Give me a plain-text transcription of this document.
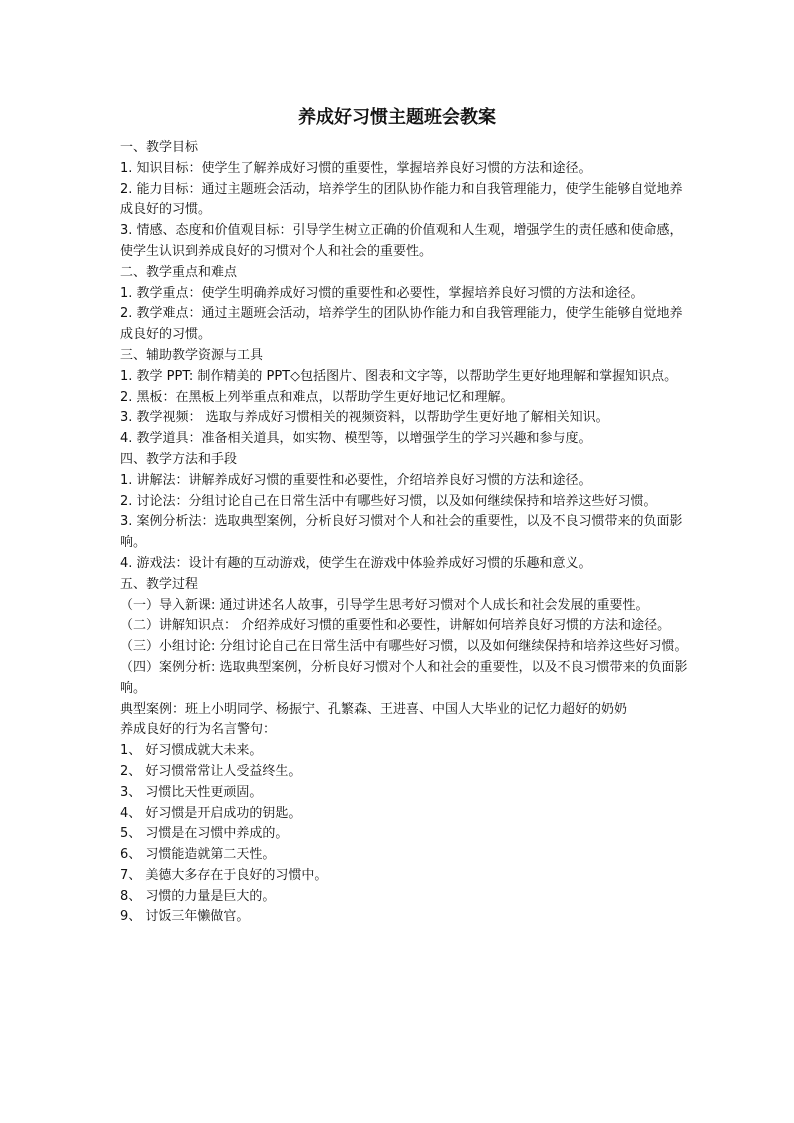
养成好习惯主题班会教案

一、教学目标

1. 知识目标：使学生了解养成好习惯的重要性，掌握培养良好习惯的方法和途径。

2. 能力目标：通过主题班会活动，培养学生的团队协作能力和自我管理能力，使学生能够自觉地养成良好的习惯。

3. 情感、态度和价值观目标：引导学生树立正确的价值观和人生观，增强学生的责任感和使命感，使学生认识到养成良好的习惯对个人和社会的重要性。

二、教学重点和难点

1. 教学重点：使学生明确养成好习惯的重要性和必要性，掌握培养良好习惯的方法和途径。

2. 教学难点：通过主题班会活动，培养学生的团队协作能力和自我管理能力，使学生能够自觉地养成良好的习惯。

三、辅助教学资源与工具

1. 教学 PPT: 制作精美的 PPT◇包括图片、图表和文字等，以帮助学生更好地理解和掌握知识点。

2. 黑板：在黑板上列举重点和难点，以帮助学生更好地记忆和理解。

3. 教学视频： 选取与养成好习惯相关的视频资料，以帮助学生更好地了解相关知识。

4. 教学道具：准备相关道具，如实物、模型等，以增强学生的学习兴趣和参与度。

四、教学方法和手段

1. 讲解法：讲解养成好习惯的重要性和必要性，介绍培养良好习惯的方法和途径。

2. 讨论法：分组讨论自己在日常生活中有哪些好习惯，以及如何继续保持和培养这些好习惯。

3. 案例分析法：选取典型案例，分析良好习惯对个人和社会的重要性，以及不良习惯带来的负面影响。

4. 游戏法：设计有趣的互动游戏，使学生在游戏中体验养成好习惯的乐趣和意义。

五、教学过程

（一）导入新课: 通过讲述名人故事，引导学生思考好习惯对个人成长和社会发展的重要性。

（二）讲解知识点： 介绍养成好习惯的重要性和必要性，讲解如何培养良好习惯的方法和途径。

（三）小组讨论: 分组讨论自己在日常生活中有哪些好习惯，以及如何继续保持和培养这些好习惯。

（四）案例分析: 选取典型案例，分析良好习惯对个人和社会的重要性，以及不良习惯带来的负面影响。

典型案例：班上小明同学、杨振宁、孔繁森、王进喜、中国人大毕业的记忆力超好的奶奶

养成良好的行为名言警句：

1、 好习惯成就大未来。

2、 好习惯常常让人受益终生。

3、 习惯比天性更顽固。

4、 好习惯是开启成功的钥匙。

5、 习惯是在习惯中养成的。

6、 习惯能造就第二天性。

7、 美德大多存在于良好的习惯中。

8、 习惯的力量是巨大的。

9、 讨饭三年懒做官。
